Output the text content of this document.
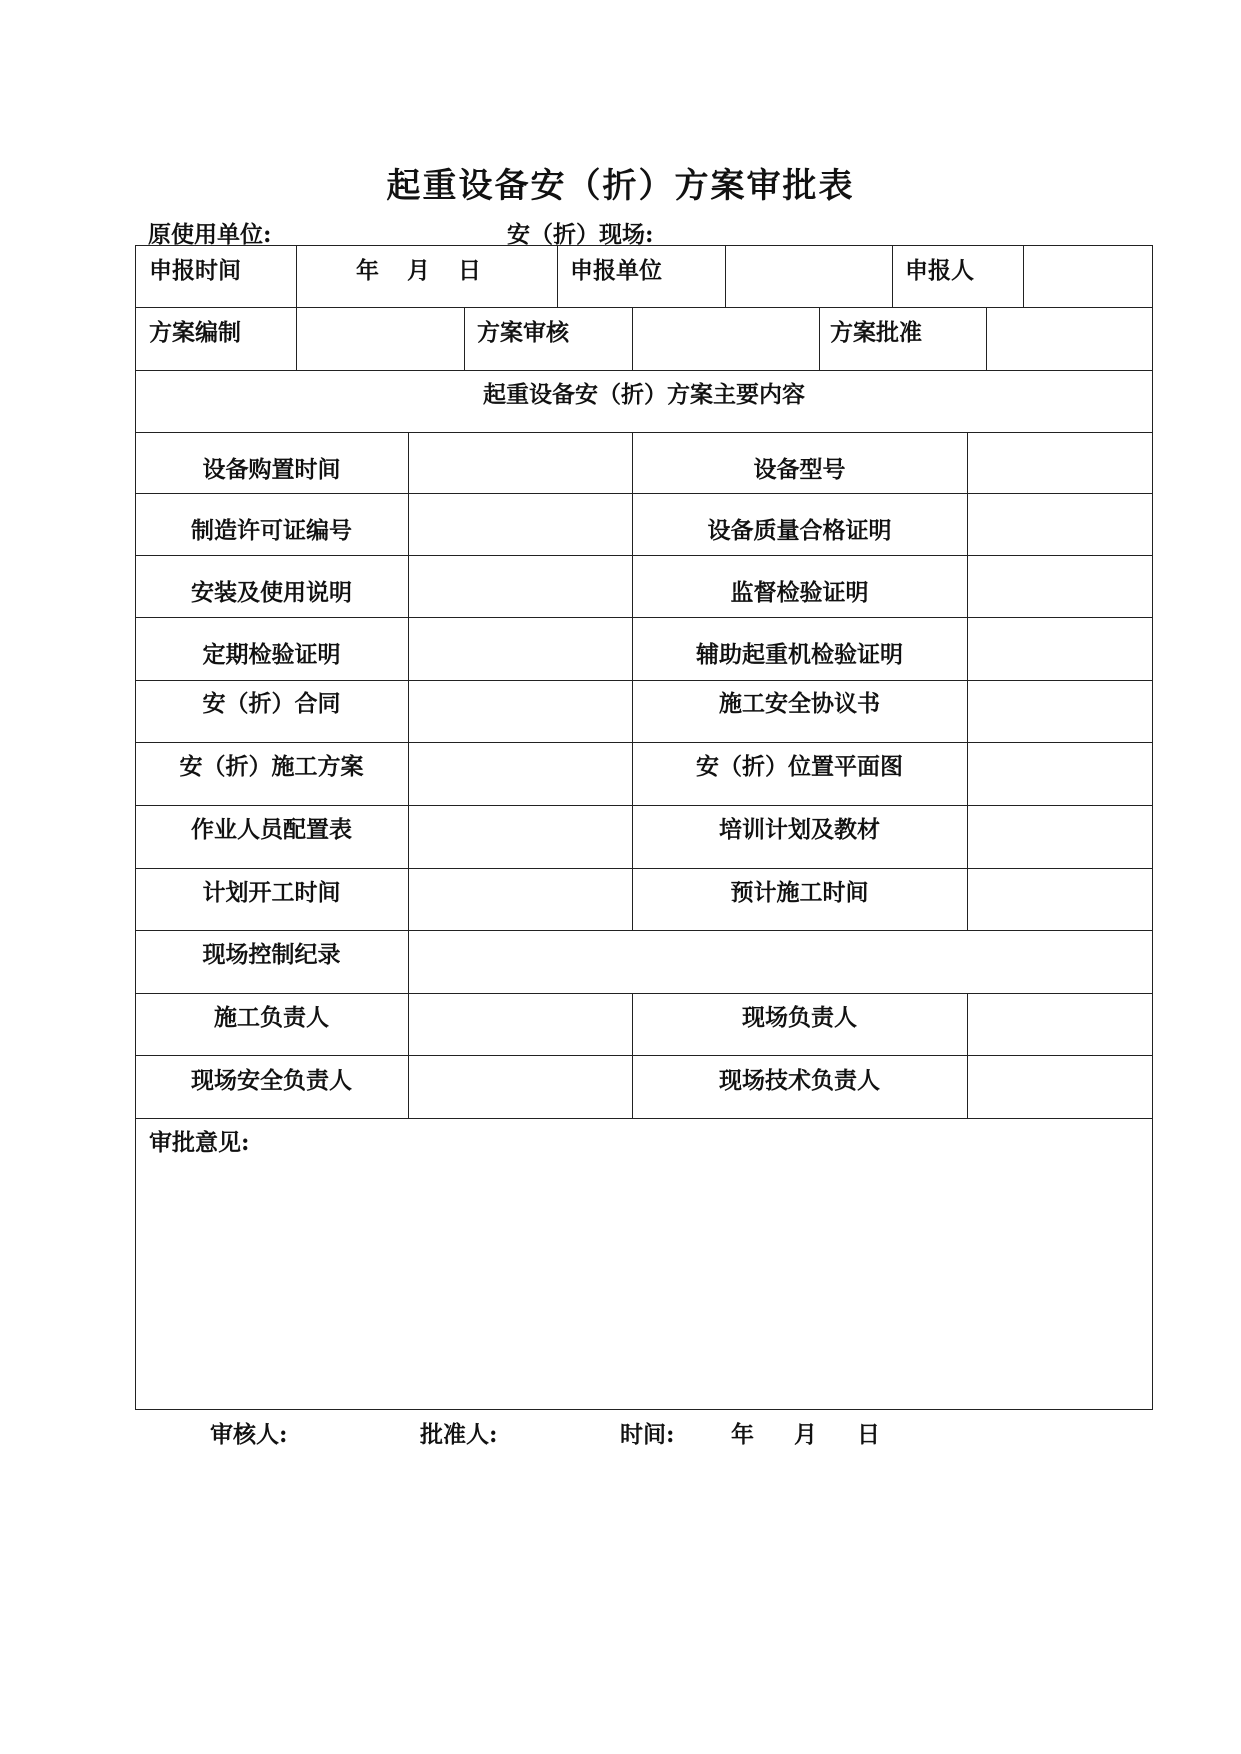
起重设备安（折）方案审批表
原使用单位:	安（折）现场:
申报时间	年 月 日	申报单位	申报人
方案编制	方案审核	方案批准
起重设备安（折）方案主要内容
设备购置时间	设备型号
制造许可证编号	设备质量合格证明
安装及使用说明	监督检验证明
定期检验证明	辅助起重机检验证明
安（折）合同	施工安全协议书
安（折）施工方案	安（折）位置平面图
作业人员配置表	培训计划及教材
计划开工时间	预计施工时间
现场控制纪录
施工负责人	现场负责人
现场安全负责人	现场技术负责人
审批意见:
审核人:	批准人:	时间: 年 月 日
